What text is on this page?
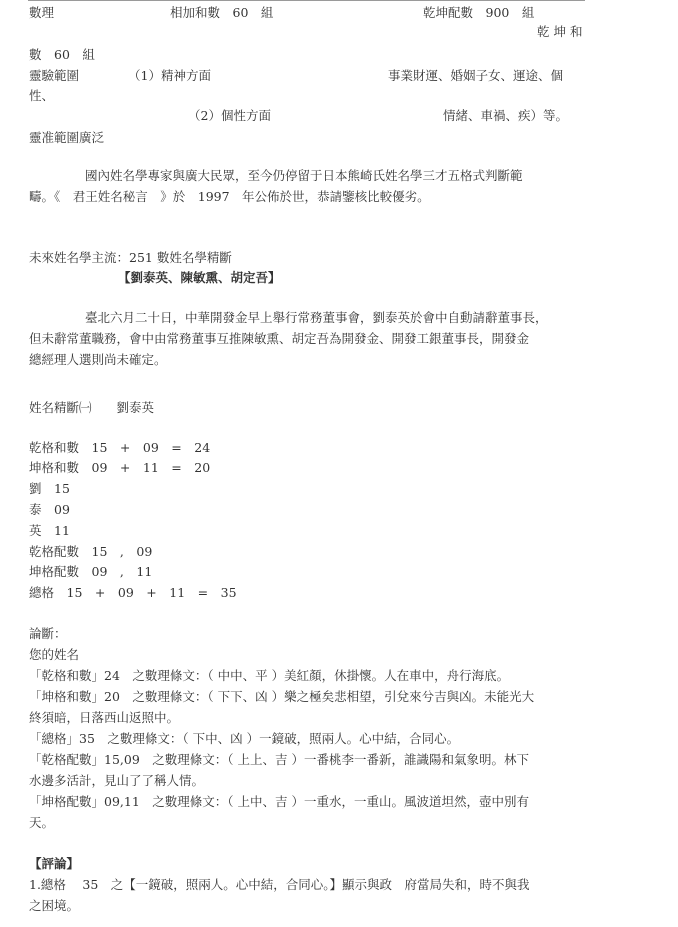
數理	相加和數　60　組	乾坤配數　900　組
乾 坤 和
數　60　組
靈驗範圍	（1）精神方面	事業財運、婚姻子女、運途、個
性、
（2）個性方面	情緒、車禍、疾）等。
靈准範圍廣泛
國內姓名學專家與廣大民眾，至今仍停留于日本熊崎氏姓名學三才五格式判斷範
疇。《　君王姓名秘言　》於　1997　年公佈於世，恭請鑒核比較優劣。
未來姓名學主流：251 數姓名學精斷
【劉泰英、陳敏熏、胡定吾】
臺北六月二十日，中華開發金早上舉行常務董事會，劉泰英於會中自動請辭董事長，
但未辭常董職務，會中由常務董事互推陳敏熏、胡定吾為開發金、開發工銀董事長，開發金
總經理人選則尚未確定。
姓名精斷㈠　　劉泰英
乾格和數　15　+　09　=　24
坤格和數　09　+　11　=　20
劉　15
泰　09
英　11
乾格配數　15　,　09
坤格配數　09　,　11
總格　15　+　09　+　11　=　35
論斷：
您的姓名
「乾格和數」24　之數理條文：（ 中中、平 ）美紅顏，休掛懷。人在車中，舟行海底。
「坤格和數」20　之數理條文：（ 下下、凶 ）樂之極矣悲相望，引兌來兮吉與凶。未能光大
終須暗，日落西山返照中。
「總格」35　之數理條文：（ 下中、凶 ）一鏡破，照兩人。心中結，合同心。
「乾格配數」15,09　之數理條文：（ 上上、吉 ）一番桃李一番新，誰識陽和氣象明。林下
水邊多活計，見山了了稱人情。
「坤格配數」09,11　之數理條文：（ 上中、吉 ）一重水，一重山。風波道坦然，壺中別有
天。
【評論】
1.總格　 35　之【一鏡破，照兩人。心中結，合同心。】顯示與政　府當局失和，時不與我
之困境。
